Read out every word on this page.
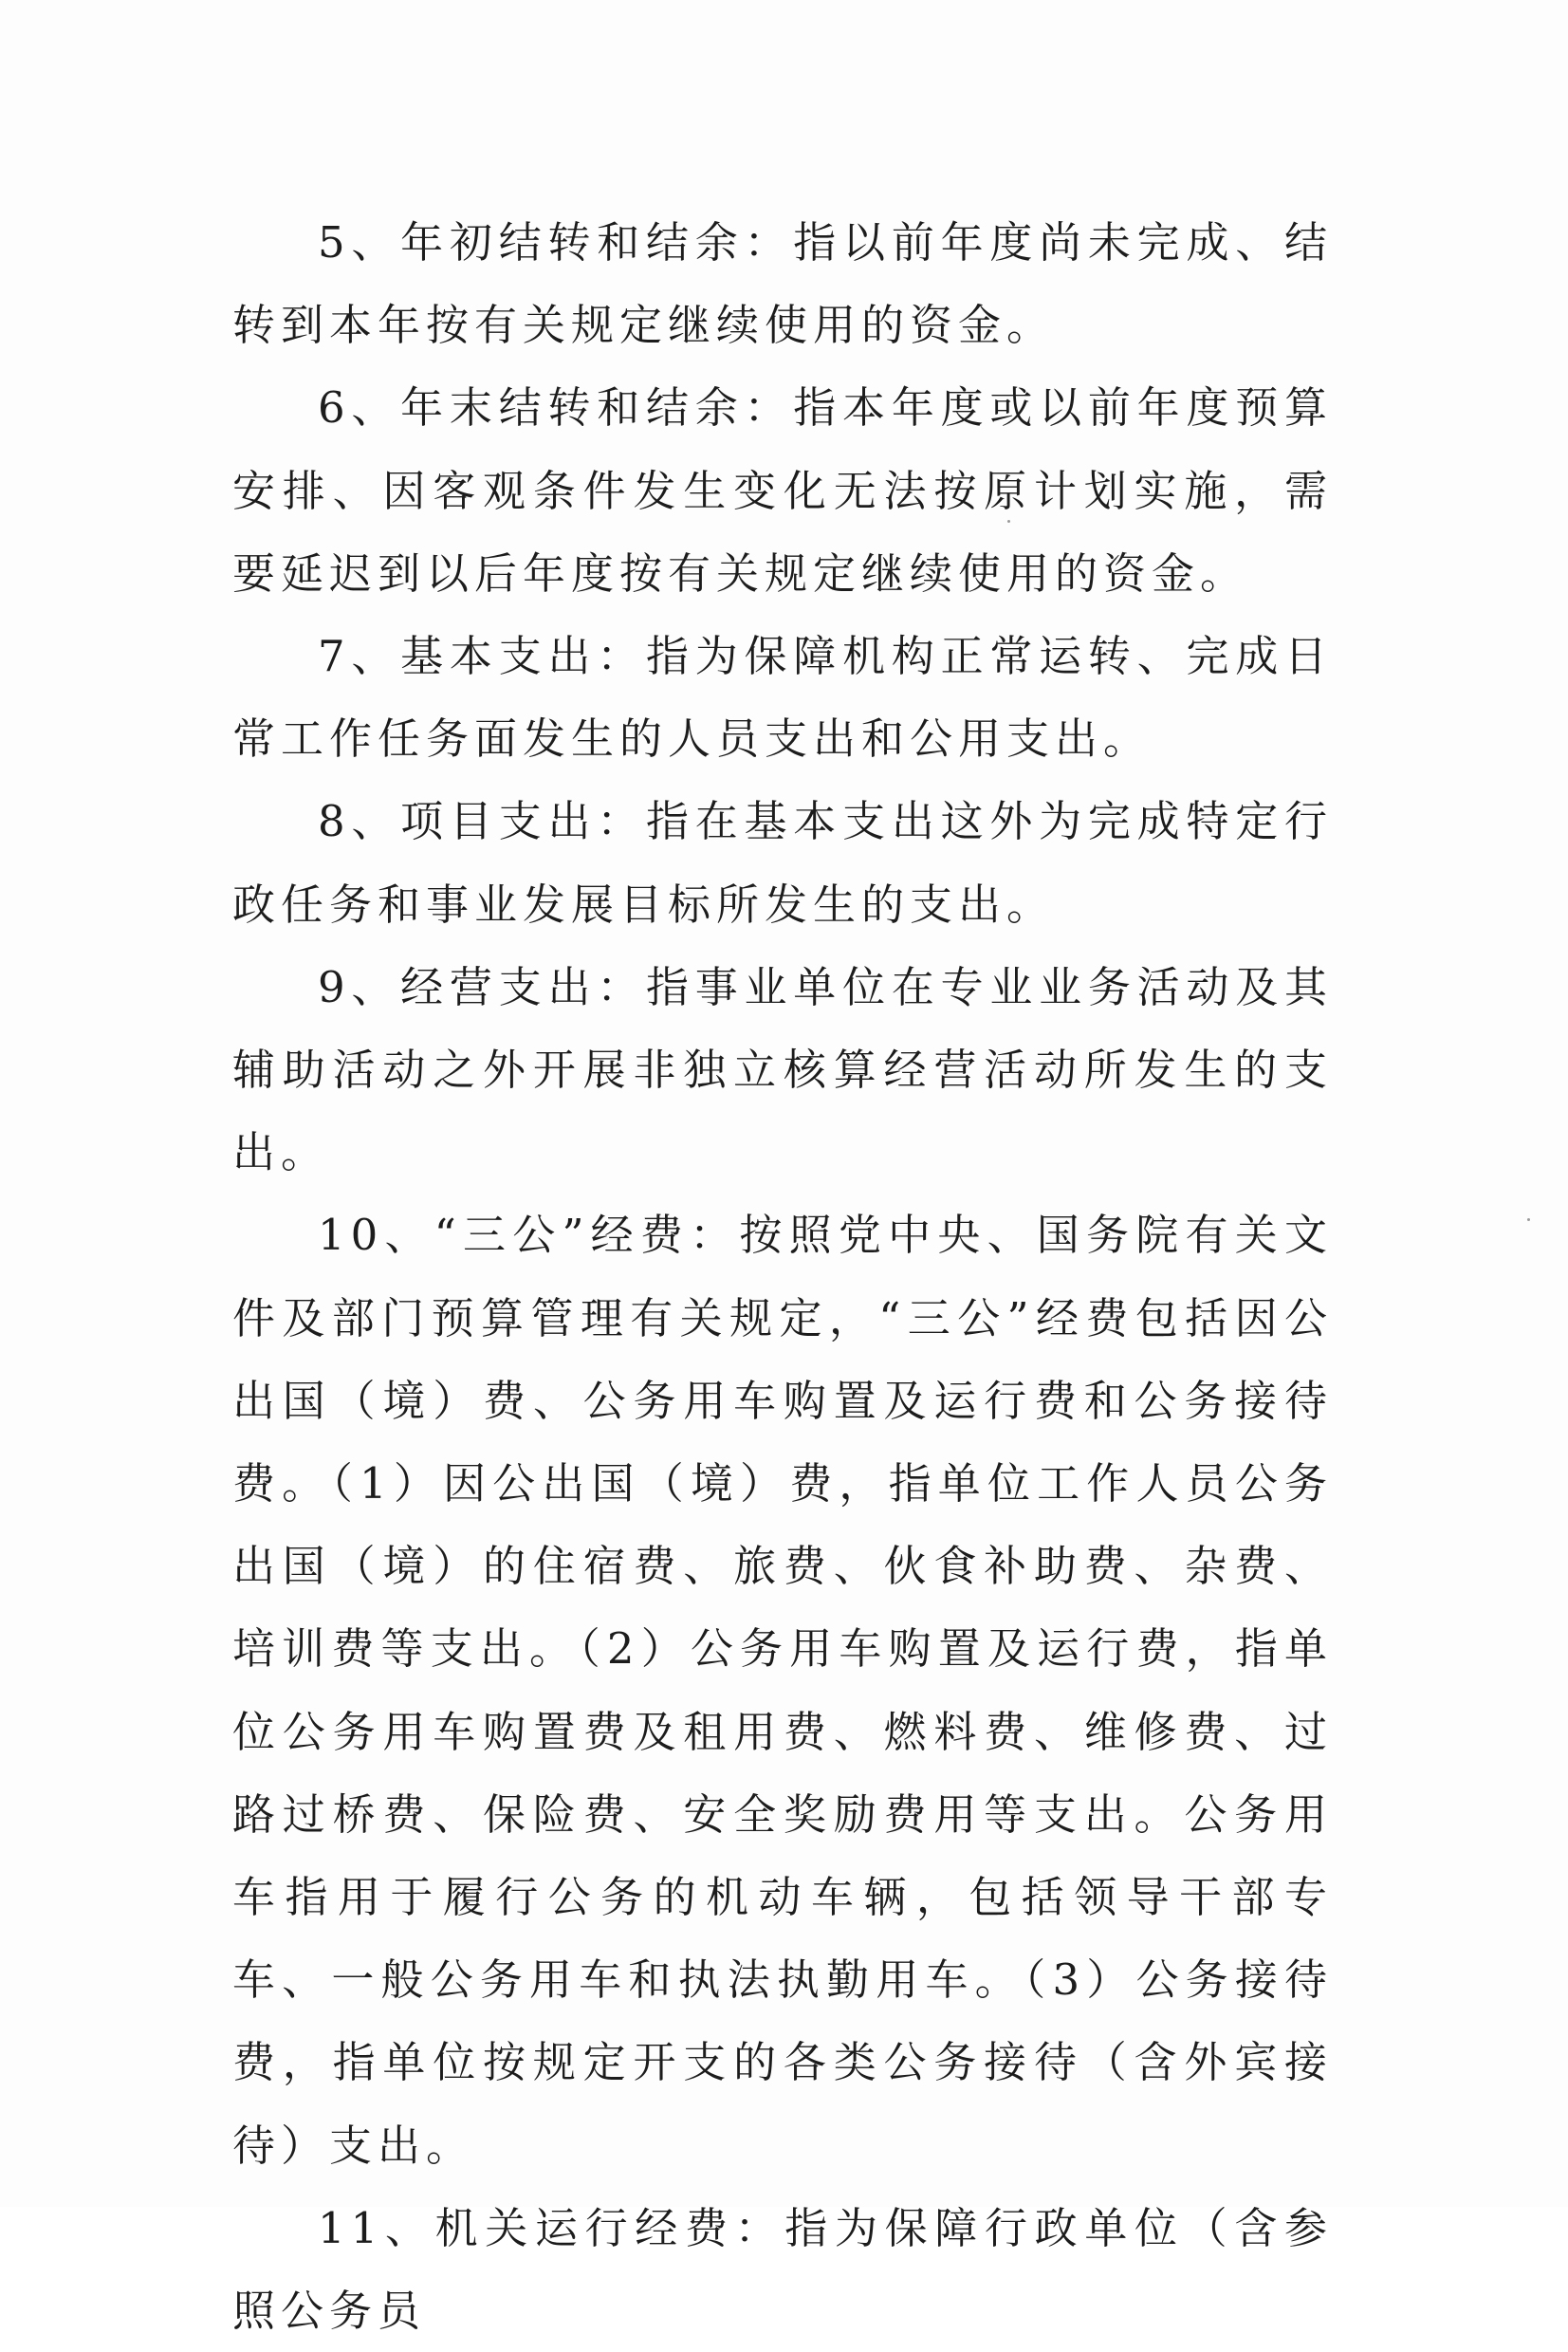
5、年初结转和结余：指以前年度尚未完成、结转到本年按有关规定继续使用的资金。

6、年末结转和结余：指本年度或以前年度预算安排、因客观条件发生变化无法按原计划实施，需要延迟到以后年度按有关规定继续使用的资金。

7、基本支出：指为保障机构正常运转、完成日常工作任务面发生的人员支出和公用支出。

8、项目支出：指在基本支出这外为完成特定行政任务和事业发展目标所发生的支出。

9、经营支出：指事业单位在专业业务活动及其辅助活动之外开展非独立核算经营活动所发生的支出。

10、“三公”经费：按照党中央、国务院有关文件及部门预算管理有关规定，“三公”经费包括因公出国（境）费、公务用车购置及运行费和公务接待费。（1）因公出国（境）费，指单位工作人员公务出国（境）的住宿费、旅费、伙食补助费、杂费、培训费等支出。（2）公务用车购置及运行费，指单位公务用车购置费及租用费、燃料费、维修费、过路过桥费、保险费、安全奖励费用等支出。公务用车指用于履行公务的机动车辆，包括领导干部专车、一般公务用车和执法执勤用车。（3）公务接待费，指单位按规定开支的各类公务接待（含外宾接待）支出。

11、机关运行经费：指为保障行政单位（含参照公务员
